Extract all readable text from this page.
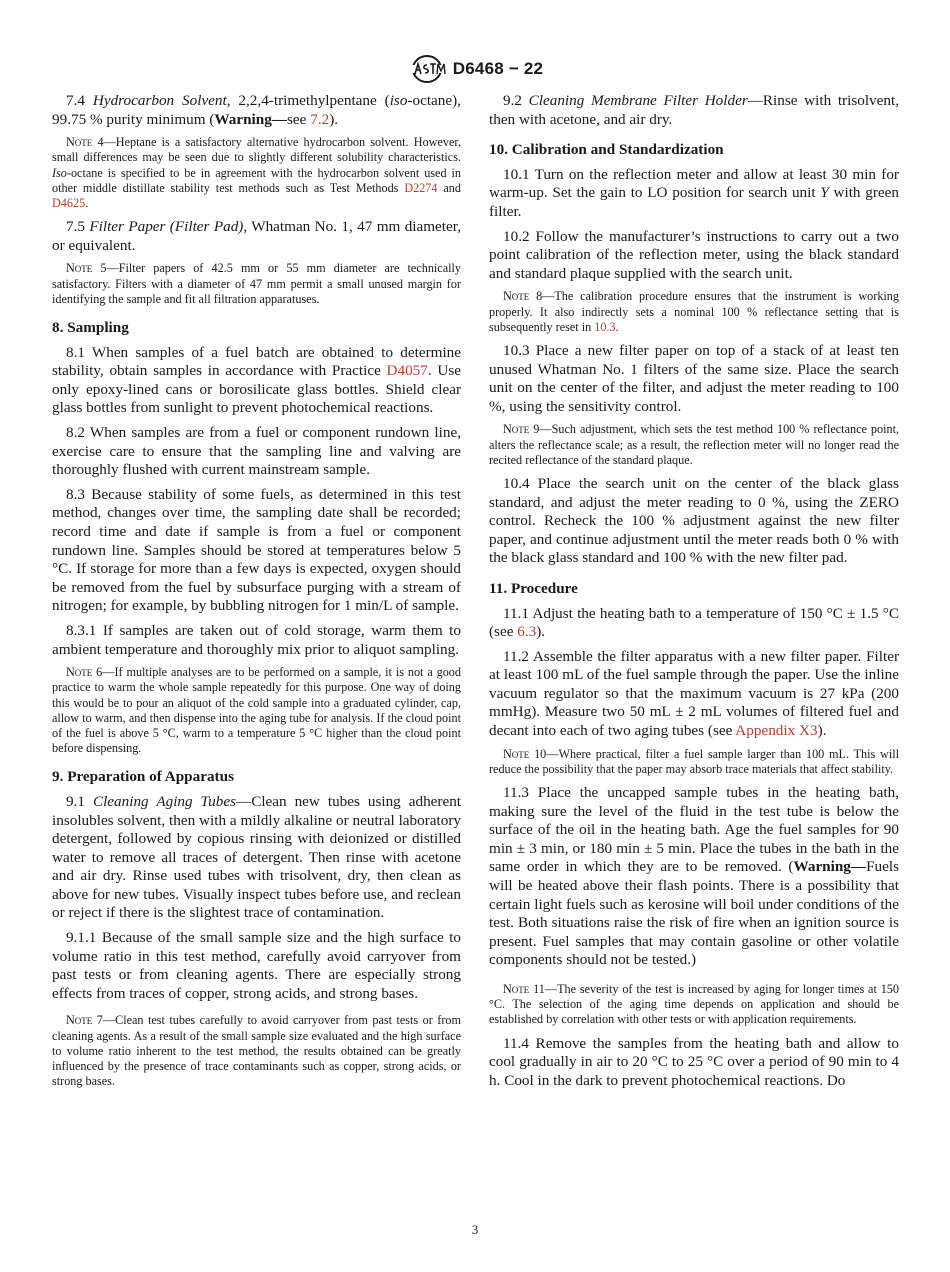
D6468 − 22

7.4 Hydrocarbon Solvent, 2,2,4-trimethylpentane (iso-octane), 99.75 % purity minimum (Warning—see 7.2).

Note 4—Heptane is a satisfactory alternative hydrocarbon solvent. However, small differences may be seen due to slightly different solubility characteristics. Iso-octane is specified to be in agreement with the hydrocarbon solvent used in other middle distillate stability test methods such as Test Methods D2274 and D4625.

7.5 Filter Paper (Filter Pad), Whatman No. 1, 47 mm diameter, or equivalent.

Note 5—Filter papers of 42.5 mm or 55 mm diameter are technically satisfactory. Filters with a diameter of 47 mm permit a small unused margin for identifying the sample and fit all filtration apparatuses.

8. Sampling

8.1 When samples of a fuel batch are obtained to determine stability, obtain samples in accordance with Practice D4057. Use only epoxy-lined cans or borosilicate glass bottles. Shield clear glass bottles from sunlight to prevent photochemical reactions.

8.2 When samples are from a fuel or component rundown line, exercise care to ensure that the sampling line and valving are thoroughly flushed with current mainstream sample.

8.3 Because stability of some fuels, as determined in this test method, changes over time, the sampling date shall be recorded; record time and date if sample is from a fuel or component rundown line. Samples should be stored at temperatures below 5 °C. If storage for more than a few days is expected, oxygen should be removed from the fuel by subsurface purging with a stream of nitrogen; for example, by bubbling nitrogen for 1 min/L of sample.

8.3.1 If samples are taken out of cold storage, warm them to ambient temperature and thoroughly mix prior to aliquot sampling.

Note 6—If multiple analyses are to be performed on a sample, it is not a good practice to warm the whole sample repeatedly for this purpose. One way of doing this would be to pour an aliquot of the cold sample into a graduated cylinder, cap, allow to warm, and then dispense into the aging tube for analysis. If the cloud point of the fuel is above 5 °C, warm to a temperature 5 °C higher than the cloud point before dispensing.

9. Preparation of Apparatus

9.1 Cleaning Aging Tubes—Clean new tubes using adherent insolubles solvent, then with a mildly alkaline or neutral laboratory detergent, followed by copious rinsing with deionized or distilled water to remove all traces of detergent. Then rinse with acetone and air dry. Rinse used tubes with trisolvent, dry, then clean as above for new tubes. Visually inspect tubes before use, and reclean or reject if there is the slightest trace of contamination.

9.1.1 Because of the small sample size and the high surface to volume ratio in this test method, carefully avoid carryover from past tests or from cleaning agents. There are especially strong effects from traces of copper, strong acids, and strong bases.

Note 7—Clean test tubes carefully to avoid carryover from past tests or from cleaning agents. As a result of the small sample size evaluated and the high surface to volume ratio inherent to the test method, the results obtained can be greatly influenced by the presence of trace contaminants such as copper, strong acids, or strong bases.

9.2 Cleaning Membrane Filter Holder—Rinse with trisolvent, then with acetone, and air dry.

10. Calibration and Standardization

10.1 Turn on the reflection meter and allow at least 30 min for warm-up. Set the gain to LO position for search unit Y with green filter.

10.2 Follow the manufacturer’s instructions to carry out a two point calibration of the reflection meter, using the black standard and standard plaque supplied with the search unit.

Note 8—The calibration procedure ensures that the instrument is working properly. It also indirectly sets a nominal 100 % reflectance setting that is subsequently reset in 10.3.

10.3 Place a new filter paper on top of a stack of at least ten unused Whatman No. 1 filters of the same size. Place the search unit on the center of the filter, and adjust the meter reading to 100 %, using the sensitivity control.

Note 9—Such adjustment, which sets the test method 100 % reflectance point, alters the reflectance scale; as a result, the reflection meter will no longer read the recited reflectance of the standard plaque.

10.4 Place the search unit on the center of the black glass standard, and adjust the meter reading to 0 %, using the ZERO control. Recheck the 100 % adjustment against the new filter paper, and continue adjustment until the meter reads both 0 % with the black glass standard and 100 % with the new filter pad.

11. Procedure

11.1 Adjust the heating bath to a temperature of 150 °C ± 1.5 °C (see 6.3).

11.2 Assemble the filter apparatus with a new filter paper. Filter at least 100 mL of the fuel sample through the paper. Use the inline vacuum regulator so that the maximum vacuum is 27 kPa (200 mmHg). Measure two 50 mL ± 2 mL volumes of filtered fuel and decant into each of two aging tubes (see Appendix X3).

Note 10—Where practical, filter a fuel sample larger than 100 mL. This will reduce the possibility that the paper may absorb trace materials that affect stability.

11.3 Place the uncapped sample tubes in the heating bath, making sure the level of the fluid in the test tube is below the surface of the oil in the heating bath. Age the fuel samples for 90 min ± 3 min, or 180 min ± 5 min. Place the tubes in the bath in the same order in which they are to be removed. (Warning—Fuels will be heated above their flash points. There is a possibility that certain light fuels such as kerosine will boil under conditions of the test. Both situations raise the risk of fire when an ignition source is present. Fuel samples that may contain gasoline or other volatile components should not be tested.)

Note 11—The severity of the test is increased by aging for longer times at 150 °C. The selection of the aging time depends on application and should be established by correlation with other tests or with application requirements.

11.4 Remove the samples from the heating bath and allow to cool gradually in air to 20 °C to 25 °C over a period of 90 min to 4 h. Cool in the dark to prevent photochemical reactions. Do

3
